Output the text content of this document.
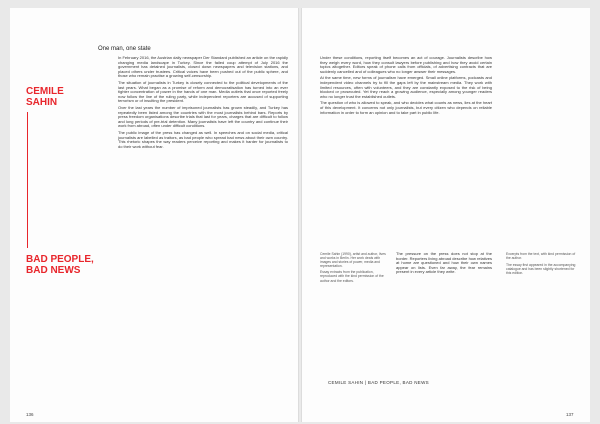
One man, one state
CEMILE
SAHIN
BAD PEOPLE,
BAD NEWS

In February 2016, the Austrian daily newspaper Der Standard published an article on the rapidly changing media landscape in Turkey. Since the failed coup attempt of July 2016 the government has detained journalists, closed down newspapers and television stations, and placed others under trustees. Critical voices have been pushed out of the public sphere, and those who remain practise a growing self-censorship.

The situation of journalists in Turkey is closely connected to the political developments of the last years. What began as a promise of reform and democratisation has turned into an ever tighter concentration of power in the hands of one man. Media outlets that once reported freely now follow the line of the ruling party, while independent reporters are accused of supporting terrorism or of insulting the president.

Over the last years the number of imprisoned journalists has grown steadily, and Turkey has repeatedly been listed among the countries with the most journalists behind bars. Reports by press freedom organisations describe trials that last for years, charges that are difficult to follow and long periods of pre-trial detention. Many journalists have left the country and continue their work from abroad, often under difficult conditions.

The public image of the press has changed as well. In speeches and on social media, critical journalists are labelled as traitors, as bad people who spread bad news about their own country. This rhetoric shapes the way readers perceive reporting and makes it harder for journalists to do their work without fear.

136

Under these conditions, reporting itself becomes an act of courage. Journalists describe how they weigh every word, how they consult lawyers before publishing and how they avoid certain topics altogether. Editors speak of phone calls from officials, of advertising contracts that are suddenly cancelled and of colleagues who no longer answer their messages.

At the same time, new forms of journalism have emerged. Small online platforms, podcasts and independent video channels try to fill the gaps left by the mainstream media. They work with limited resources, often with volunteers, and they are constantly exposed to the risk of being blocked or prosecuted. Yet they reach a growing audience, especially among younger readers who no longer trust the established outlets.

The question of who is allowed to speak, and who decides what counts as news, lies at the heart of this development. It concerns not only journalists, but every citizen who depends on reliable information in order to form an opinion and to take part in public life.

Cemile Sahin (1990), artist and author, lives and works in Berlin. Her work deals with images and stories of power, media and representation.

Essay extracts from the publication, reproduced with the kind permission of the author and the editors.

The pressure on the press does not stop at the border. Reporters living abroad describe how relatives at home are questioned and how their own names appear on lists. Even far away, the fear remains present in every article they write.

Excerpts from the text, with kind permission of the author.

The essay first appeared in the accompanying catalogue and has been slightly shortened for this edition.

CEMILE SAHIN | BAD PEOPLE, BAD NEWS
137
